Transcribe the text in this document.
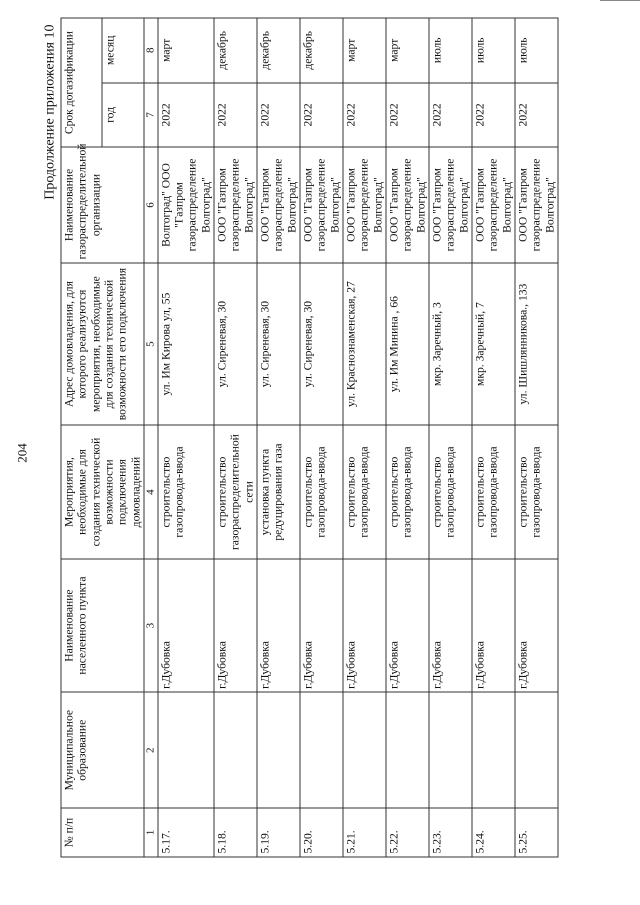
204
Продолжение приложения 10
№ п/п	Муниципальное образование	Наименование населенного пункта	Мероприятия, необходимые для создания технической возможности подключения домовладений	Адрес домовладения, для которого реализуются мероприятия, необходимые для создания технической возможности его подключения	Наименование газораспределительной организации	Срок догазификации	
						год	месяц
1	2	3	4	5	6	7	8
5.17.		г.Дубовка	строительство газопровода-ввода	ул. Им Кирова ул, 55	Волгоград" ООО "Газпром газораспределение Волгоград"	2022	март
5.18.		г.Дубовка	строительство газораспределительной сети	ул. Сиреневая, 30	ООО "Газпром газораспределение Волгоград"	2022	декабрь
5.19.		г.Дубовка	установка пункта редуцирования газа	ул. Сиреневая, 30	ООО "Газпром газораспределение Волгоград"	2022	декабрь
5.20.		г.Дубовка	строительство газопровода-ввода	ул. Сиреневая, 30	ООО "Газпром газораспределение Волгоград"	2022	декабрь
5.21.		г.Дубовка	строительство газопровода-ввода	ул. Краснознаменская, 27	ООО "Газпром газораспределение Волгоград"	2022	март
5.22.		г.Дубовка	строительство газопровода-ввода	ул. Им Минина , 66	ООО "Газпром газораспределение Волгоград"	2022	март
5.23.		г.Дубовка	строительство газопровода-ввода	мкр. Заречный, 3	ООО "Газпром газораспределение Волгоград"	2022	июль
5.24.		г.Дубовка	строительство газопровода-ввода	мкр. Заречный, 7	ООО "Газпром газораспределение Волгоград"	2022	июль
5.25.		г.Дубовка	строительство газопровода-ввода	ул. Шишлянникова., 133	ООО "Газпром газораспределение Волгоград"	2022	июль
